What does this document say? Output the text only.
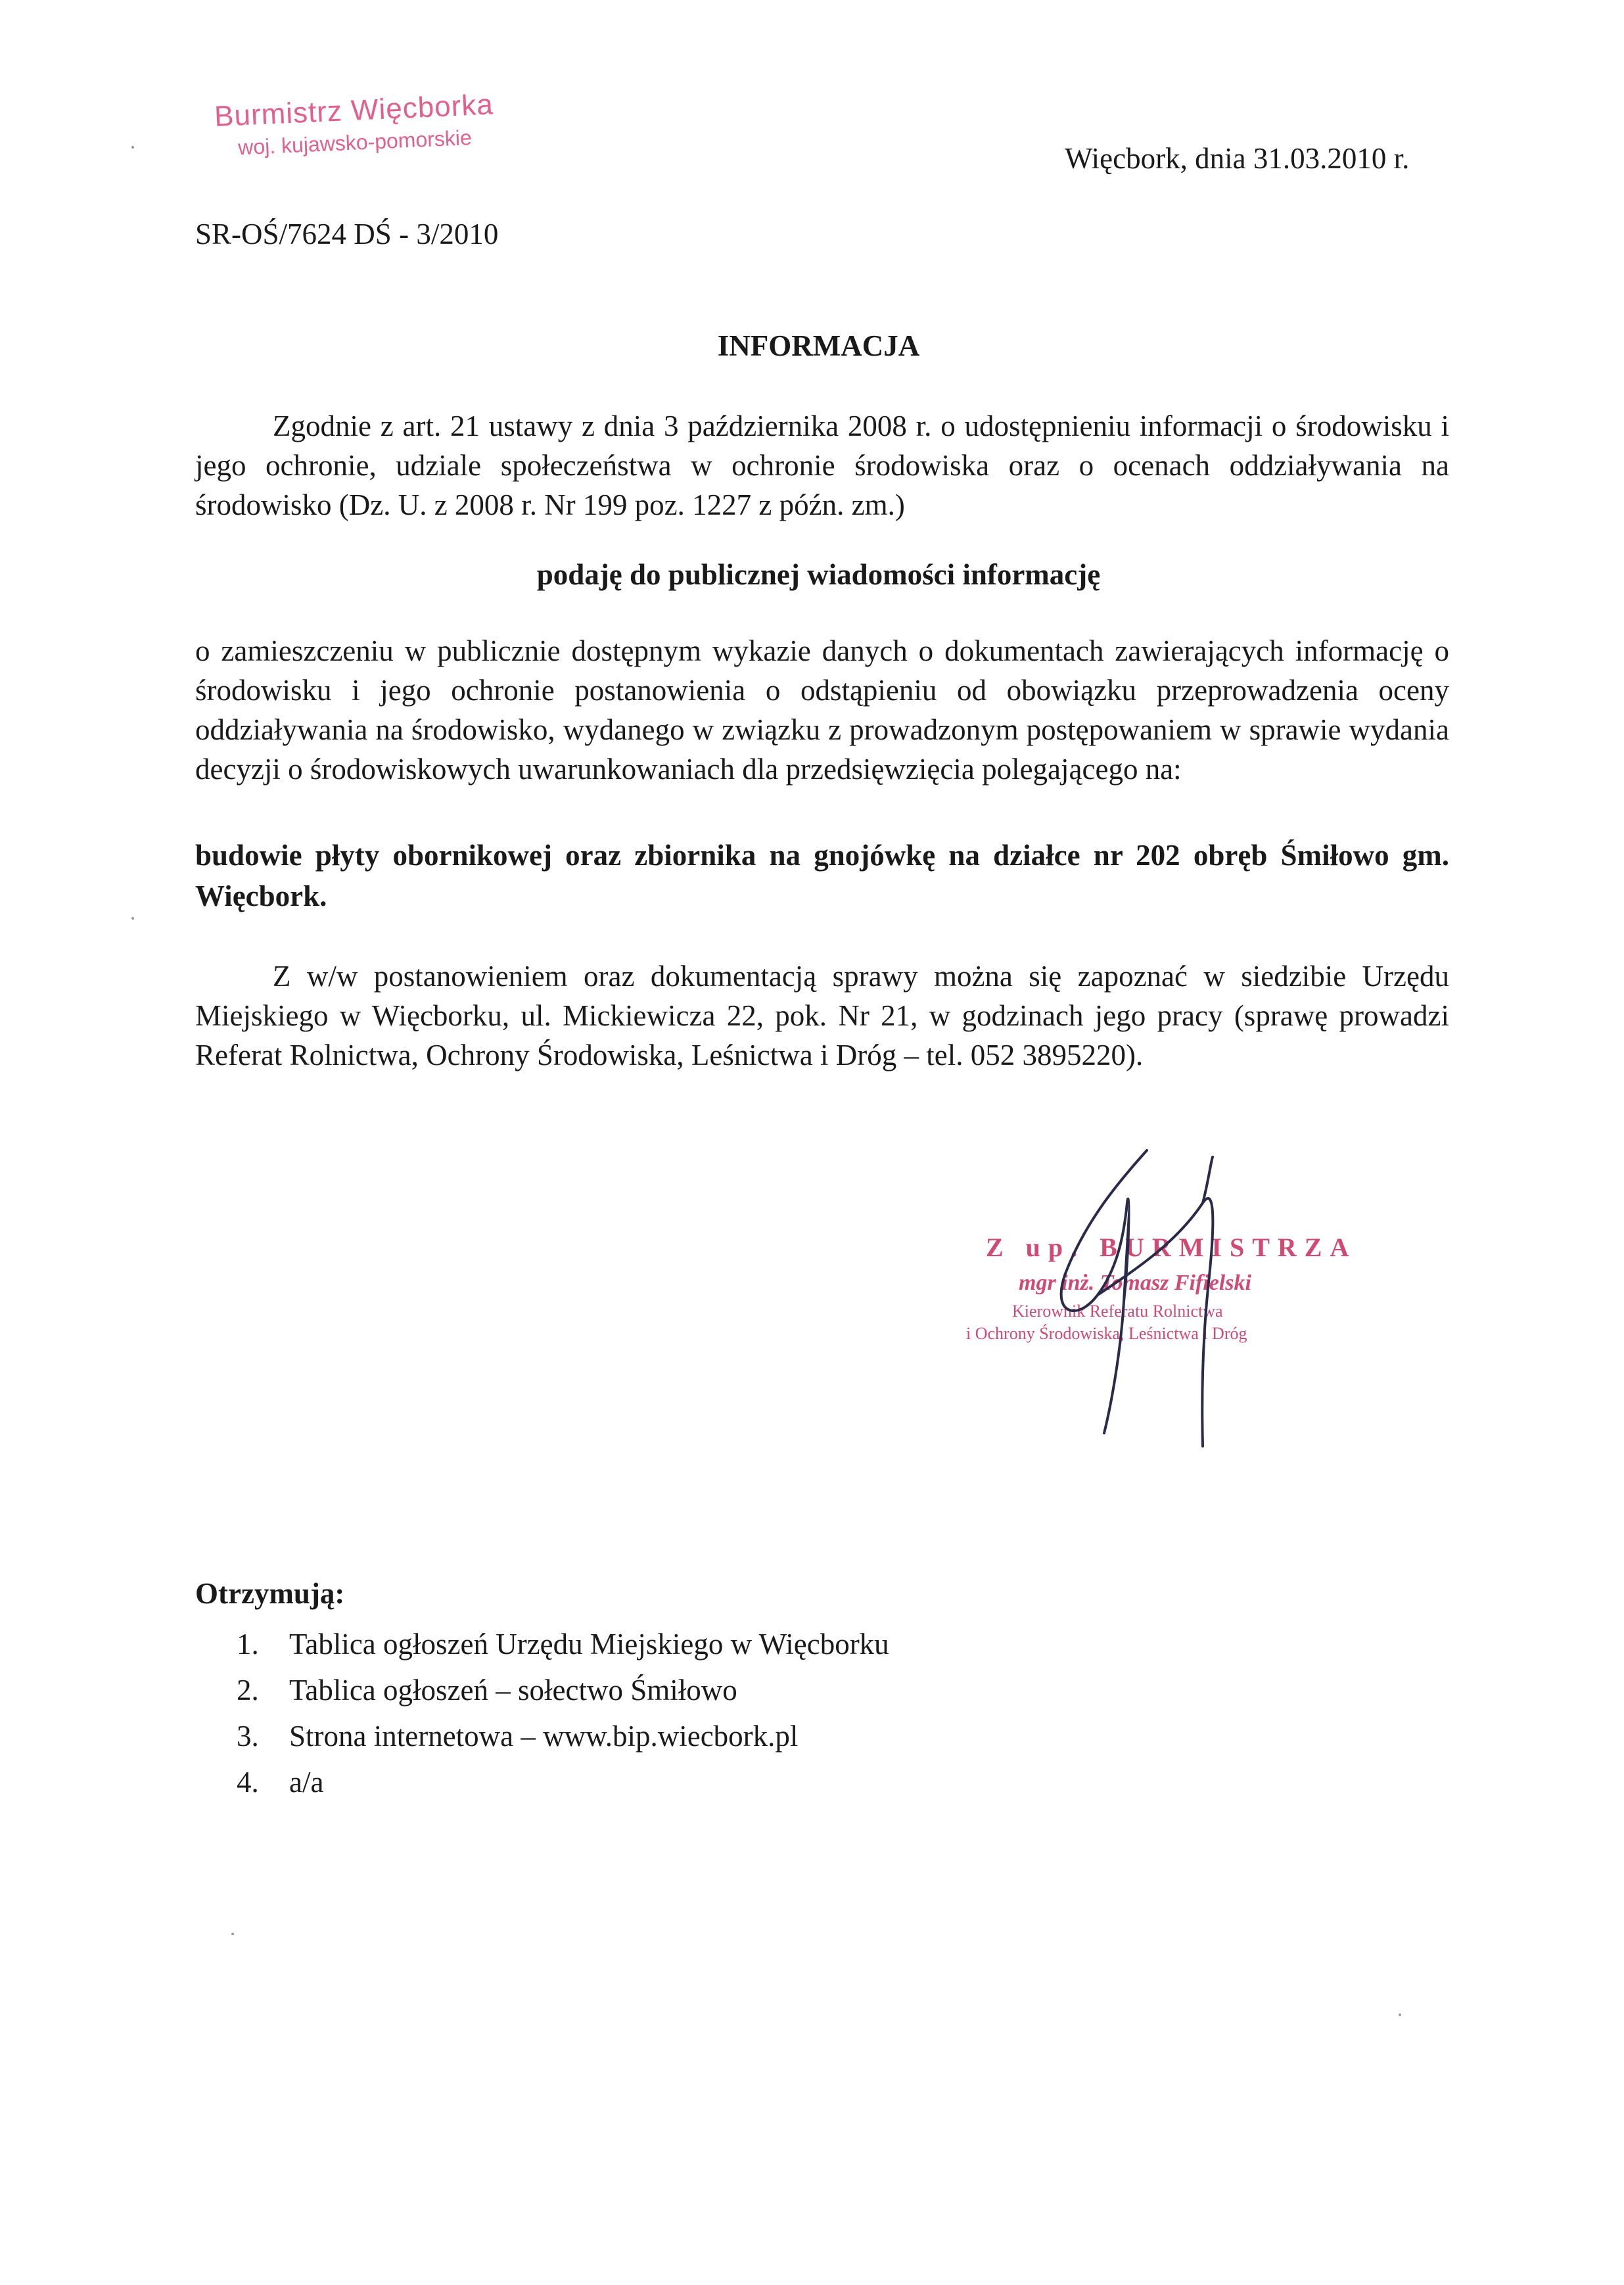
Burmistrz Więcborka
woj. kujawsko-pomorskie	Więcbork, dnia 31.03.2010 r.
SR-OŚ/7624 DŚ - 3/2010
INFORMACJA
Zgodnie z art. 21 ustawy z dnia 3 października 2008 r. o udostępnieniu informacji o środowisku i jego ochronie, udziale społeczeństwa w ochronie środowiska oraz o ocenach oddziaływania na środowisko (Dz. U. z 2008 r. Nr 199 poz. 1227 z późn. zm.)
podaję do publicznej wiadomości informację
o zamieszczeniu w publicznie dostępnym wykazie danych o dokumentach zawierających informację o środowisku i jego ochronie postanowienia o odstąpieniu od obowiązku przeprowadzenia oceny oddziaływania na środowisko, wydanego w związku z prowadzonym postępowaniem w sprawie wydania decyzji o środowiskowych uwarunkowaniach dla przedsięwzięcia polegającego na:
budowie płyty obornikowej oraz zbiornika na gnojówkę na działce nr 202 obręb Śmiłowo gm. Więcbork.
Z w/w postanowieniem oraz dokumentacją sprawy można się zapoznać w siedzibie Urzędu Miejskiego w Więcborku, ul. Mickiewicza 22, pok. Nr 21, w godzinach jego pracy (sprawę prowadzi Referat Rolnictwa, Ochrony Środowiska, Leśnictwa i Dróg – tel. 052 3895220).
Z up. BURMISTRZA
mgr inż. Tomasz Fifielski
Kierownik Referatu Rolnictwa
i Ochrony Środowiska, Leśnictwa i Dróg
Otrzymują:
1. Tablica ogłoszeń Urzędu Miejskiego w Więcborku
2. Tablica ogłoszeń – sołectwo Śmiłowo
3. Strona internetowa – www.bip.wiecbork.pl
4. a/a
